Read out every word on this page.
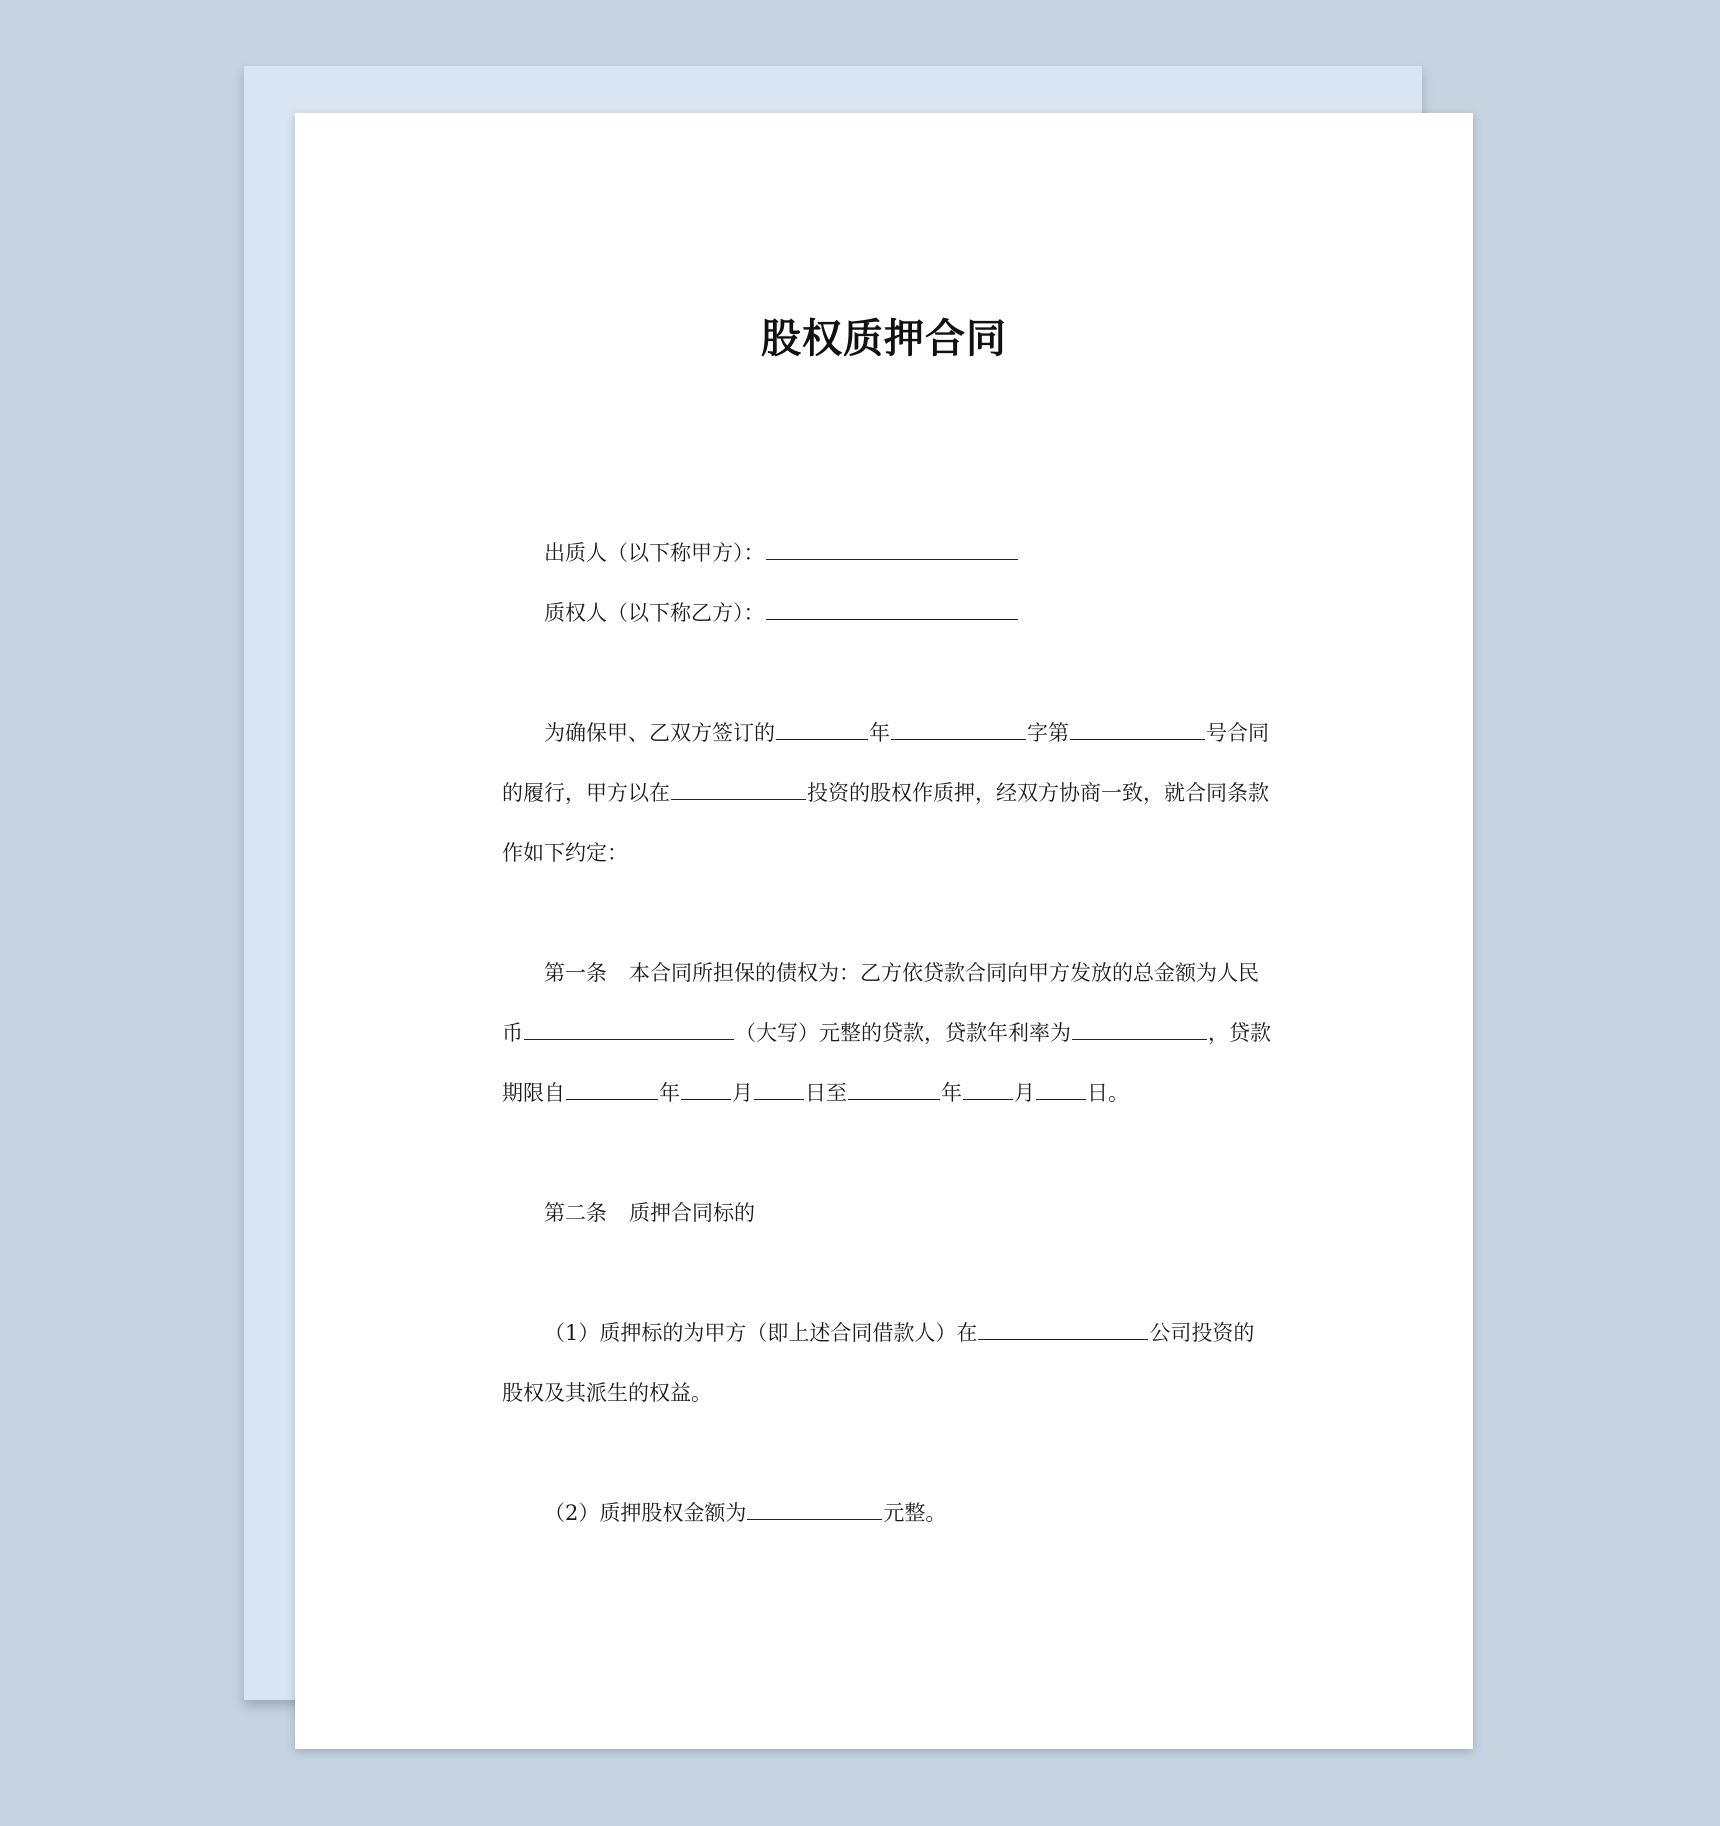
股权质押合同
出质人（以下称甲方）：
质权人（以下称乙方）：
为确保甲、乙双方签订的	年	字第	号合同
的履行，甲方以在	投资的股权作质押，经双方协商一致，就合同条款
作如下约定：
第一条 本合同所担保的债权为：乙方依贷款合同向甲方发放的总金额为人民
币	（大写）元整的贷款，贷款年利率为	，贷款
期限自	年 月 日至	年 月 日。
第二条 质押合同标的
（1）质押标的为甲方（即上述合同借款人）在	公司投资的
股权及其派生的权益。
（2）质押股权金额为	元整。
